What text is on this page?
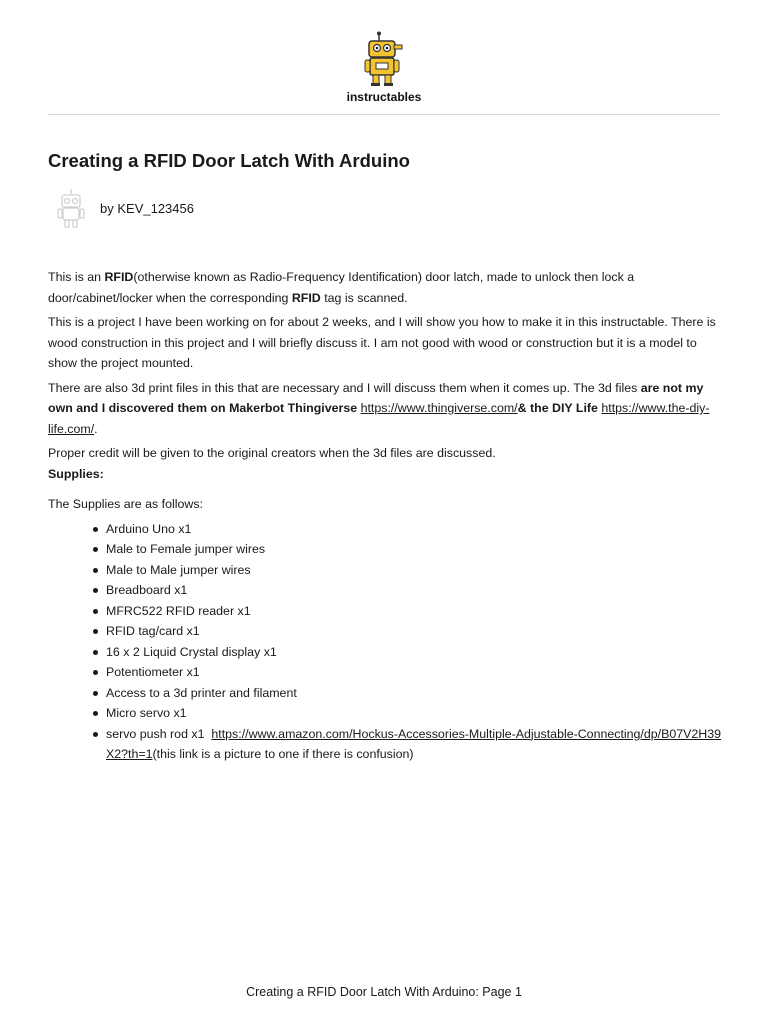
instructables
Creating a RFID Door Latch With Arduino
by KEV_123456

This is an RFID(otherwise known as Radio-Frequency Identification) door latch, made to unlock then lock a door/cabinet/locker when the corresponding RFID tag is scanned.

This is a project I have been working on for about 2 weeks, and I will show you how to make it in this instructable. There is wood construction in this project and I will briefly discuss it. I am not good with wood or construction but it is a model to show the project mounted.

There are also 3d print files in this that are necessary and I will discuss them when it comes up. The 3d files are not my own and I discovered them on Makerbot Thingiverse https://www.thingiverse.com/& the DIY Life https://www.the-diy-life.com/.

Proper credit will be given to the original creators when the 3d files are discussed.

Supplies:
The Supplies are as follows:
Arduino Uno x1
Male to Female jumper wires
Male to Male jumper wires
Breadboard x1
MFRC522 RFID reader x1
RFID tag/card x1
16 x 2 Liquid Crystal display x1
Potentiometer x1
Access to a 3d printer and filament
Micro servo x1
servo push rod x1 https://www.amazon.com/Hockus-Accessories-Multiple-Adjustable-Connecting/dp/B07V2H39X2?th=1(this link is a picture to one if there is confusion)
Creating a RFID Door Latch With Arduino: Page 1
